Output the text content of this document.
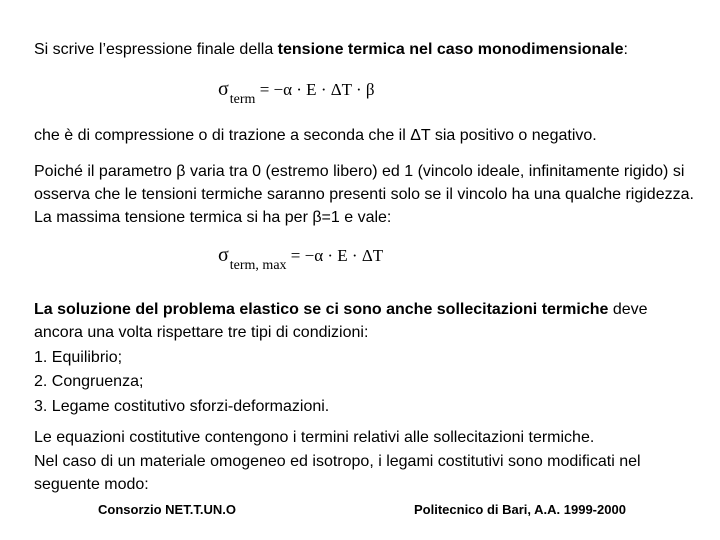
Si scrive l’espressione finale della tensione termica nel caso monodimensionale:

$\sigma_{term} = -\alpha \cdot E \cdot \Delta T \cdot \beta$

che è di compressione o di trazione a seconda che il ΔT sia positivo o negativo.

Poiché il parametro β varia tra 0 (estremo libero) ed 1 (vincolo ideale, infinitamente rigido) si osserva che le tensioni termiche saranno presenti solo se il vincolo ha una qualche rigidezza. La massima tensione termica si ha per β=1 e vale:

$\sigma_{term, max} = -\alpha \cdot E \cdot \Delta T$

La soluzione del problema elastico se ci sono anche sollecitazioni termiche deve ancora una volta rispettare tre tipi di condizioni:

1. Equilibrio;

2. Congruenza;

3. Legame costitutivo sforzi-deformazioni.

Le equazioni costitutive contengono i termini relativi alle sollecitazioni termiche.

Nel caso di un materiale omogeneo ed isotropo, i legami costitutivi sono modificati nel seguente modo:

Consorzio NET.T.UN.O	Politecnico di Bari, A.A. 1999-2000
